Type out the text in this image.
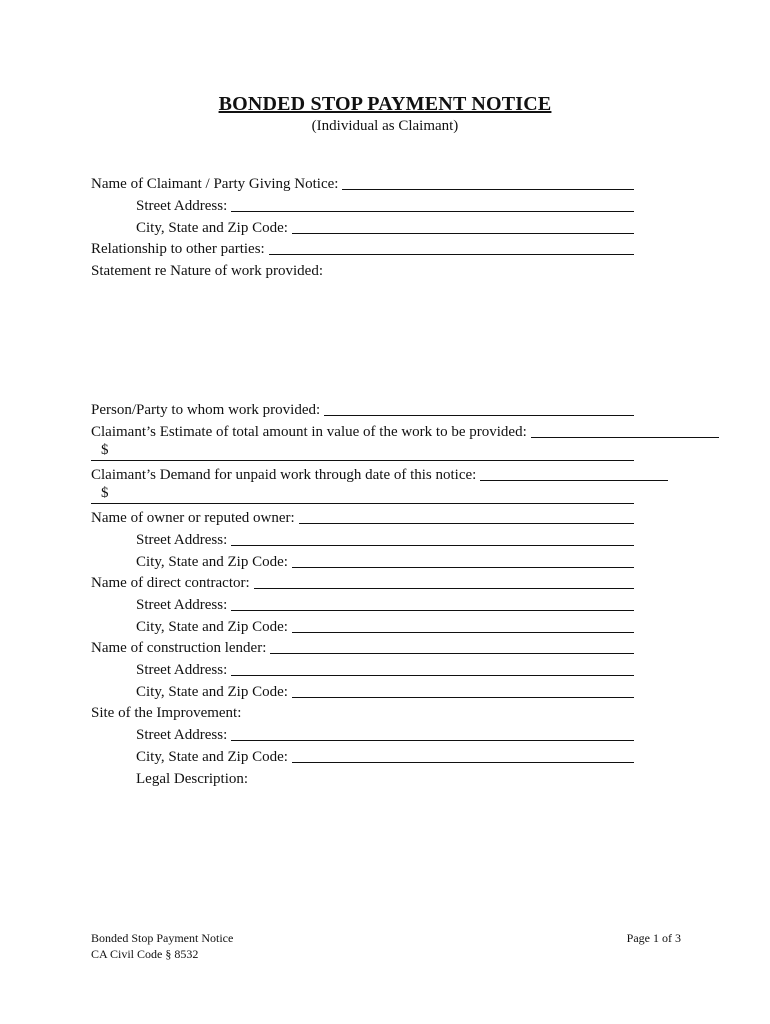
BONDED STOP PAYMENT NOTICE
(Individual as Claimant)
Name of Claimant / Party Giving Notice:
Street Address:
City, State and Zip Code:
Relationship to other parties:
Statement re Nature of work provided:
Person/Party to whom work provided:
Claimant’s Estimate of total amount in value of the work to be provided:
$
Claimant’s Demand for unpaid work through date of this notice:
$
Name of owner or reputed owner:
Street Address:
City, State and Zip Code:
Name of direct contractor:
Street Address:
City, State and Zip Code:
Name of construction lender:
Street Address:
City, State and Zip Code:
Site of the Improvement:
Street Address:
City, State and Zip Code:
Legal Description:
Bonded Stop Payment Notice
CA Civil Code § 8532
Page 1 of 3
